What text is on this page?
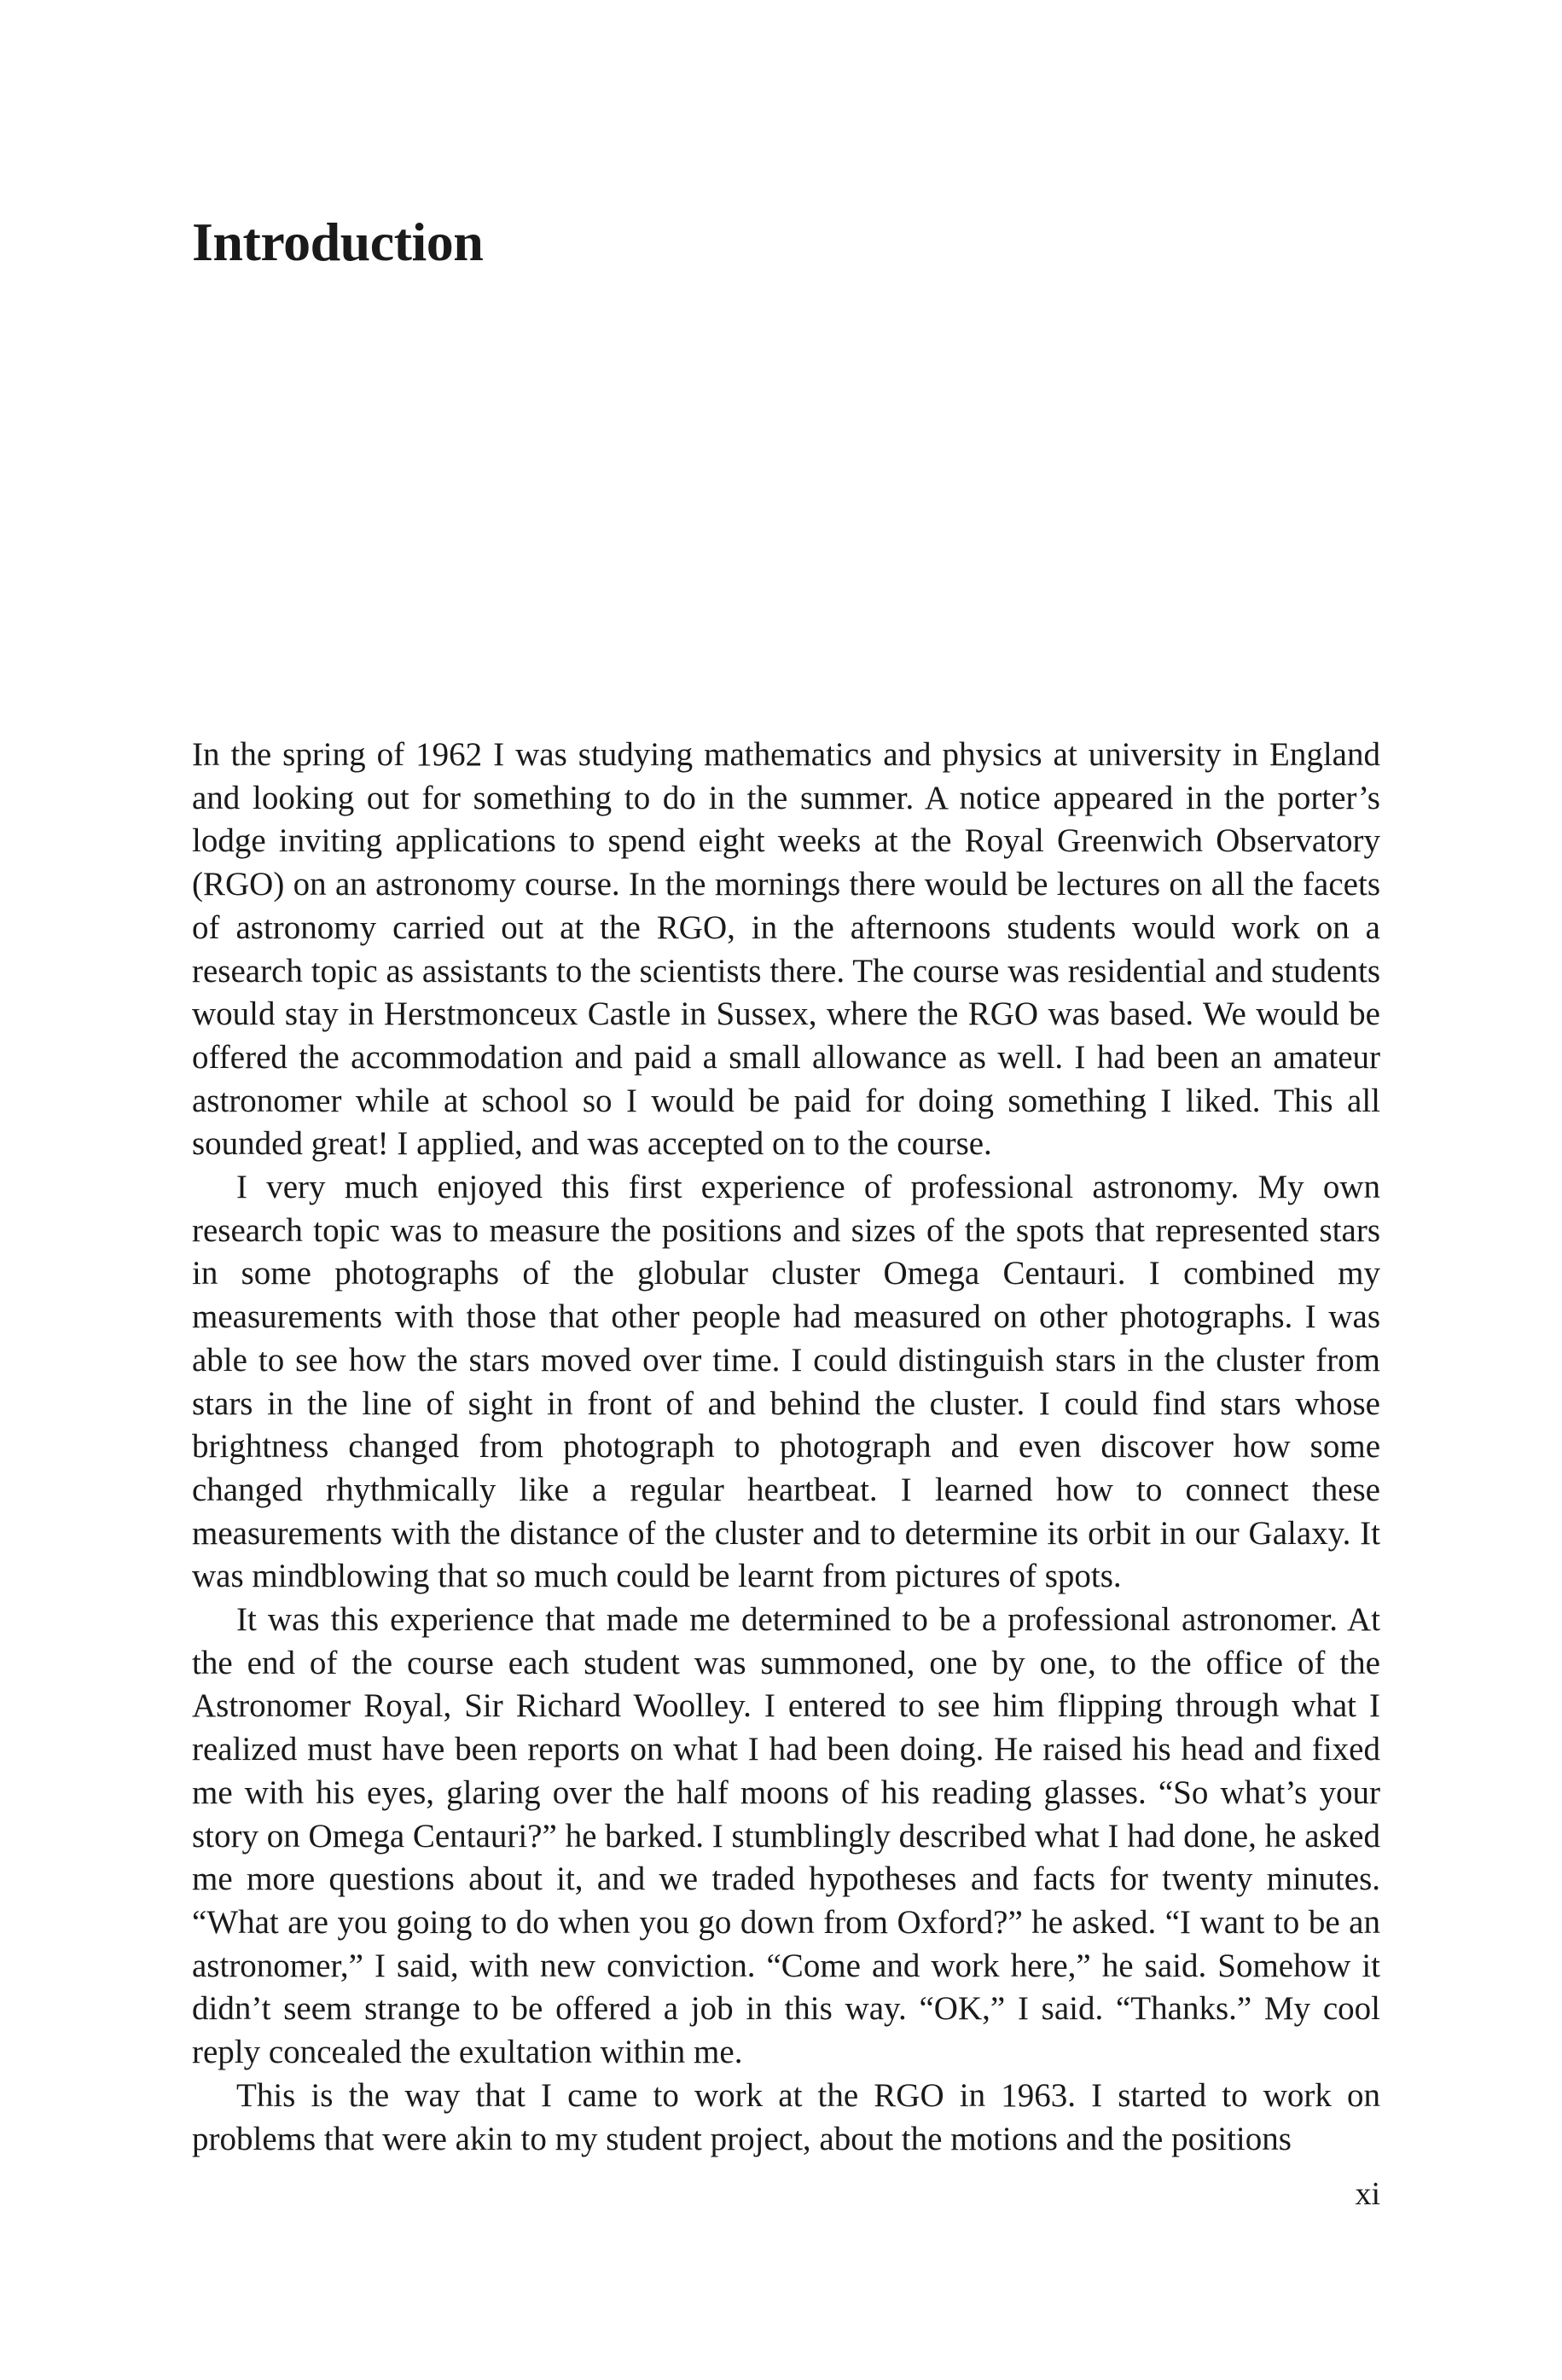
Introduction

In the spring of 1962 I was studying mathematics and physics at university in England and looking out for something to do in the summer. A notice appeared in the porter’s lodge inviting applications to spend eight weeks at the Royal Greenwich Observatory (RGO) on an astronomy course. In the mornings there would be lectures on all the facets of astronomy carried out at the RGO, in the afternoons students would work on a research topic as assistants to the scientists there. The course was residential and students would stay in Herstmonceux Castle in Sussex, where the RGO was based. We would be offered the accommodation and paid a small allowance as well. I had been an amateur astronomer while at school so I would be paid for doing something I liked. This all sounded great! I applied, and was accepted on to the course.

I very much enjoyed this first experience of professional astronomy. My own research topic was to measure the positions and sizes of the spots that represented stars in some photographs of the globular cluster Omega Centauri. I combined my measurements with those that other people had measured on other photographs. I was able to see how the stars moved over time. I could distinguish stars in the cluster from stars in the line of sight in front of and behind the cluster. I could find stars whose brightness changed from photograph to photograph and even discover how some changed rhythmically like a regular heartbeat. I learned how to connect these measurements with the distance of the cluster and to determine its orbit in our Galaxy. It was mindblowing that so much could be learnt from pictures of spots.

It was this experience that made me determined to be a professional astronomer. At the end of the course each student was summoned, one by one, to the office of the Astronomer Royal, Sir Richard Woolley. I entered to see him flipping through what I realized must have been reports on what I had been doing. He raised his head and fixed me with his eyes, glaring over the half moons of his reading glasses. “So what’s your story on Omega Centauri?” he barked. I stumblingly described what I had done, he asked me more questions about it, and we traded hypotheses and facts for twenty minutes. “What are you going to do when you go down from Oxford?” he asked. “I want to be an astronomer,” I said, with new conviction. “Come and work here,” he said. Somehow it didn’t seem strange to be offered a job in this way. “OK,” I said. “Thanks.” My cool reply concealed the exultation within me.

This is the way that I came to work at the RGO in 1963. I started to work on problems that were akin to my student project, about the motions and the positions

xi
